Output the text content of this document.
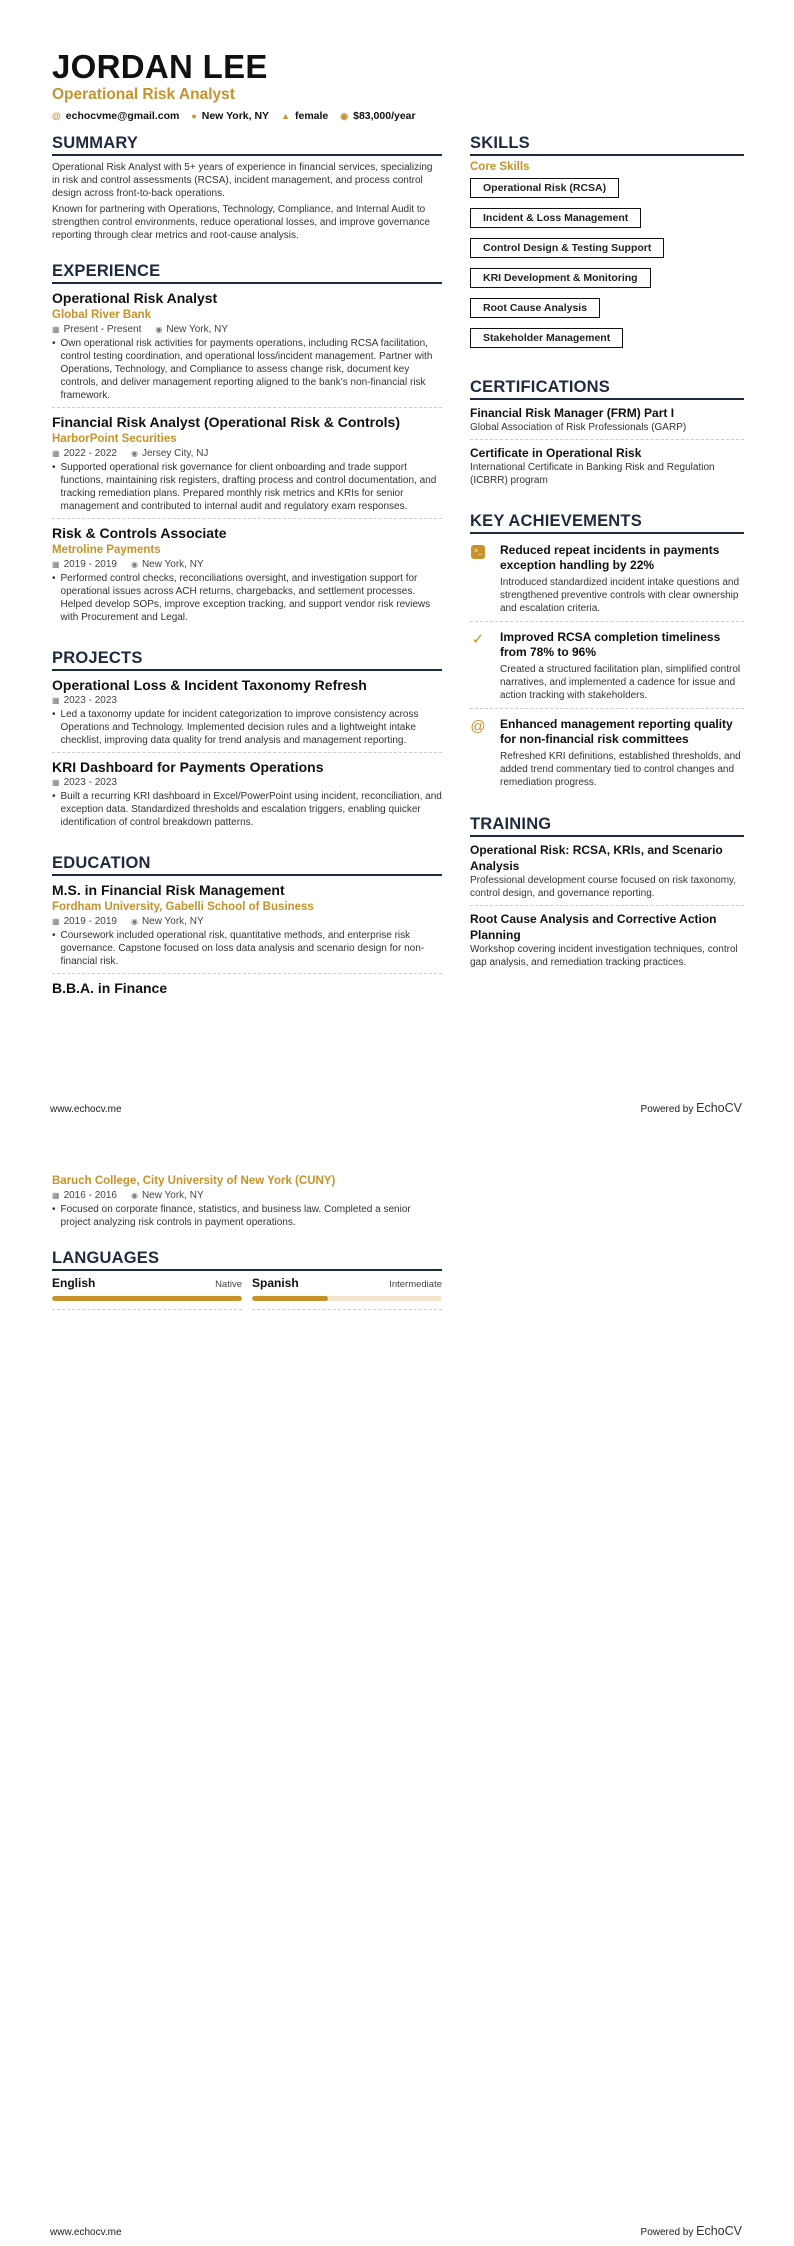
JORDAN LEE
Operational Risk Analyst
@ echocvme@gmail.com ● New York, NY ▲ female ◉ $83,000/year
SUMMARY

Operational Risk Analyst with 5+ years of experience in financial services, specializing in risk and control assessments (RCSA), incident management, and process control design across front-to-back operations.

Known for partnering with Operations, Technology, Compliance, and Internal Audit to strengthen control environments, reduce operational losses, and improve governance reporting through clear metrics and root-cause analysis.

EXPERIENCE
Operational Risk Analyst
Global River Bank
▦ Present - Present ◉ New York, NY
• Own operational risk activities for payments operations, including RCSA facilitation, control testing coordination, and operational loss/incident management. Partner with Operations, Technology, and Compliance to assess change risk, document key controls, and deliver management reporting aligned to the bank’s non-financial risk framework.
Financial Risk Analyst (Operational Risk & Controls)
HarborPoint Securities
▦ 2022 - 2022 ◉ Jersey City, NJ
• Supported operational risk governance for client onboarding and trade support functions, maintaining risk registers, drafting process and control documentation, and tracking remediation plans. Prepared monthly risk metrics and KRIs for senior management and contributed to internal audit and regulatory exam responses.
Risk & Controls Associate
Metroline Payments
▦ 2019 - 2019 ◉ New York, NY
• Performed control checks, reconciliations oversight, and investigation support for operational issues across ACH returns, chargebacks, and settlement processes. Helped develop SOPs, improve exception tracking, and support vendor risk reviews with Procurement and Legal.
PROJECTS
Operational Loss & Incident Taxonomy Refresh
▦ 2023 - 2023
• Led a taxonomy update for incident categorization to improve consistency across Operations and Technology. Implemented decision rules and a lightweight intake checklist, improving data quality for trend analysis and management reporting.
KRI Dashboard for Payments Operations
▦ 2023 - 2023
• Built a recurring KRI dashboard in Excel/PowerPoint using incident, reconciliation, and exception data. Standardized thresholds and escalation triggers, enabling quicker identification of control breakdown patterns.
EDUCATION
M.S. in Financial Risk Management
Fordham University, Gabelli School of Business
▦ 2019 - 2019 ◉ New York, NY
• Coursework included operational risk, quantitative methods, and enterprise risk governance. Capstone focused on loss data analysis and scenario design for non-financial risk.
B.B.A. in Finance
SKILLS
Core Skills
Operational Risk (RCSA)
Incident & Loss Management
Control Design & Testing Support
KRI Development & Monitoring
Root Cause Analysis
Stakeholder Management
CERTIFICATIONS
Financial Risk Manager (FRM) Part I
Global Association of Risk Professionals (GARP)
Certificate in Operational Risk
International Certificate in Banking Risk and Regulation (ICBRR) program
KEY ACHIEVEMENTS
>_ Reduced repeat incidents in payments exception handling by 22%
Introduced standardized incident intake questions and strengthened preventive controls with clear ownership and escalation criteria.
✓ Improved RCSA completion timeliness from 78% to 96%
Created a structured facilitation plan, simplified control narratives, and implemented a cadence for issue and action tracking with stakeholders.
@ Enhanced management reporting quality for non-financial risk committees
Refreshed KRI definitions, established thresholds, and added trend commentary tied to control changes and remediation progress.
TRAINING
Operational Risk: RCSA, KRIs, and Scenario Analysis
Professional development course focused on risk taxonomy, control design, and governance reporting.
Root Cause Analysis and Corrective Action Planning
Workshop covering incident investigation techniques, control gap analysis, and remediation tracking practices.
www.echocv.me	Powered by EchoCV
Baruch College, City University of New York (CUNY)
▦ 2016 - 2016 ◉ New York, NY
• Focused on corporate finance, statistics, and business law. Completed a senior project analyzing risk controls in payment operations.
LANGUAGES
English	Native Spanish	Intermediate
www.echocv.me	Powered by EchoCV
